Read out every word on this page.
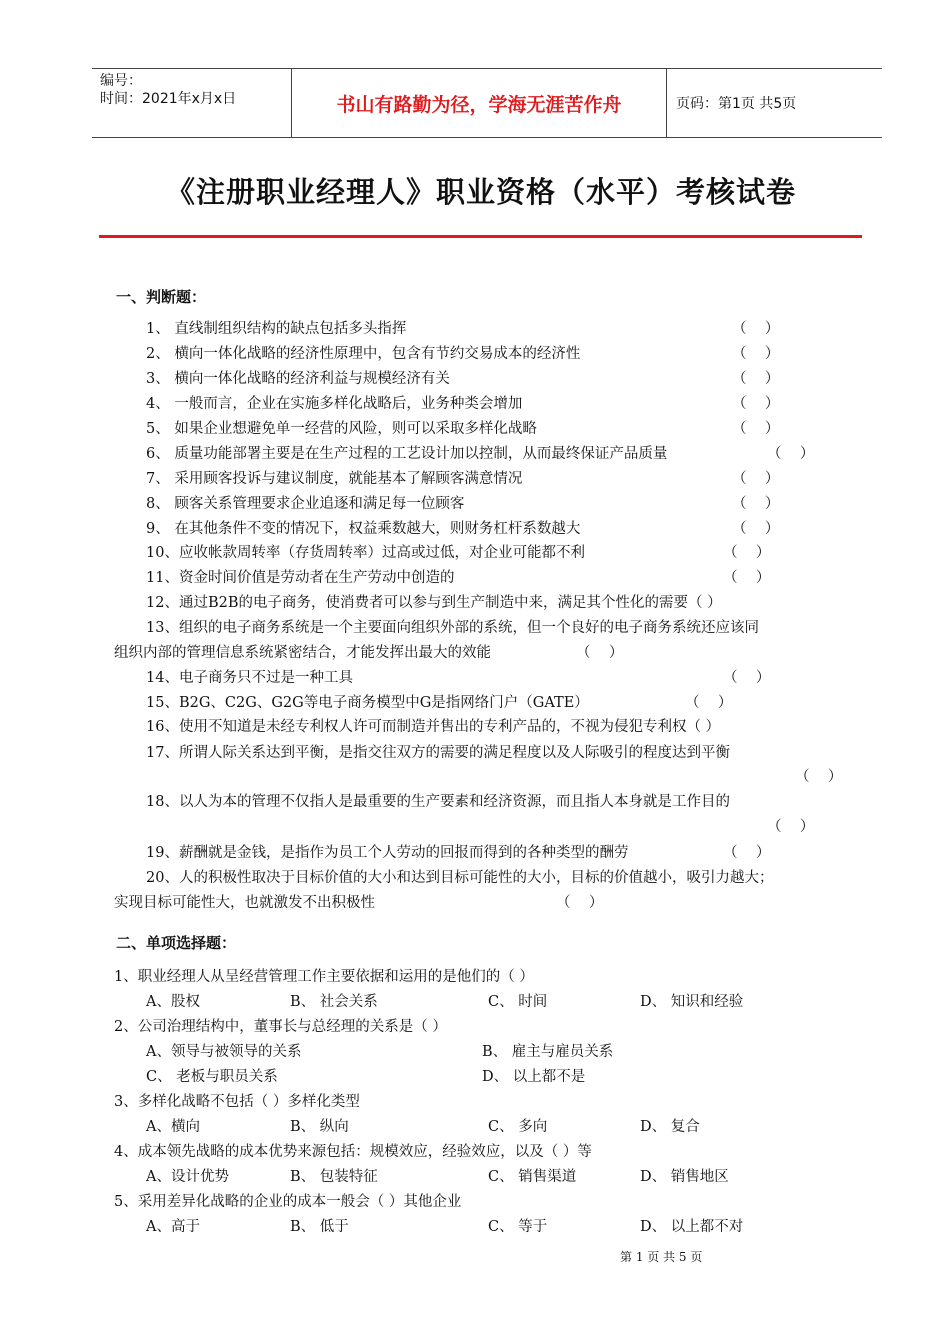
编号：
时间：2021年x月x日	书山有路勤为径，学海无涯苦作舟	页码：第1页 共5页
《注册职业经理人》职业资格（水平）考核试卷
一、判断题：
1、 直线制组织结构的缺点包括多头指挥	（    ）
2、 横向一体化战略的经济性原理中，包含有节约交易成本的经济性	（    ）
3、 横向一体化战略的经济利益与规模经济有关	（    ）
4、 一般而言，企业在实施多样化战略后，业务种类会增加	（    ）
5、 如果企业想避免单一经营的风险，则可以采取多样化战略	（    ）
6、 质量功能部署主要是在生产过程的工艺设计加以控制，从而最终保证产品质量	（    ）
7、 采用顾客投诉与建议制度，就能基本了解顾客满意情况	（    ）
8、 顾客关系管理要求企业追逐和满足每一位顾客	（    ）
9、 在其他条件不变的情况下，权益乘数越大，则财务杠杆系数越大	（    ）
10、应收帐款周转率（存货周转率）过高或过低，对企业可能都不利	（    ）
11、资金时间价值是劳动者在生产劳动中创造的	（    ）
12、通过B2B的电子商务，使消费者可以参与到生产制造中来，满足其个性化的需要（ ）
13、组织的电子商务系统是一个主要面向组织外部的系统，但一个良好的电子商务系统还应该同
组织内部的管理信息系统紧密结合，才能发挥出最大的效能	（    ）
14、电子商务只不过是一种工具	（    ）
15、B2G、C2G、G2G等电子商务模型中G是指网络门户（GATE）	（    ）
16、使用不知道是未经专利权人许可而制造并售出的专利产品的，不视为侵犯专利权（ ）
17、所谓人际关系达到平衡，是指交往双方的需要的满足程度以及人际吸引的程度达到平衡
（    ）
18、以人为本的管理不仅指人是最重要的生产要素和经济资源，而且指人本身就是工作目的
（    ）
19、薪酬就是金钱，是指作为员工个人劳动的回报而得到的各种类型的酬劳	（    ）
20、人的积极性取决于目标价值的大小和达到目标可能性的大小，目标的价值越小，吸引力越大；
实现目标可能性大，也就激发不出积极性	（    ）
二、单项选择题：
1、职业经理人从呈经营管理工作主要依据和运用的是他们的（ ）
A、股权	B、 社会关系	C、 时间	D、 知识和经验
2、公司治理结构中，董事长与总经理的关系是（ ）
A、领导与被领导的关系	B、 雇主与雇员关系
C、 老板与职员关系	D、 以上都不是
3、多样化战略不包括（ ）多样化类型
A、横向	B、 纵向	C、 多向	D、 复合
4、成本领先战略的成本优势来源包括：规模效应，经验效应，以及（ ）等
A、设计优势	B、 包装特征	C、 销售渠道	D、 销售地区
5、采用差异化战略的企业的成本一般会（ ）其他企业
A、高于	B、 低于	C、 等于	D、 以上都不对
第 1 页 共 5 页
